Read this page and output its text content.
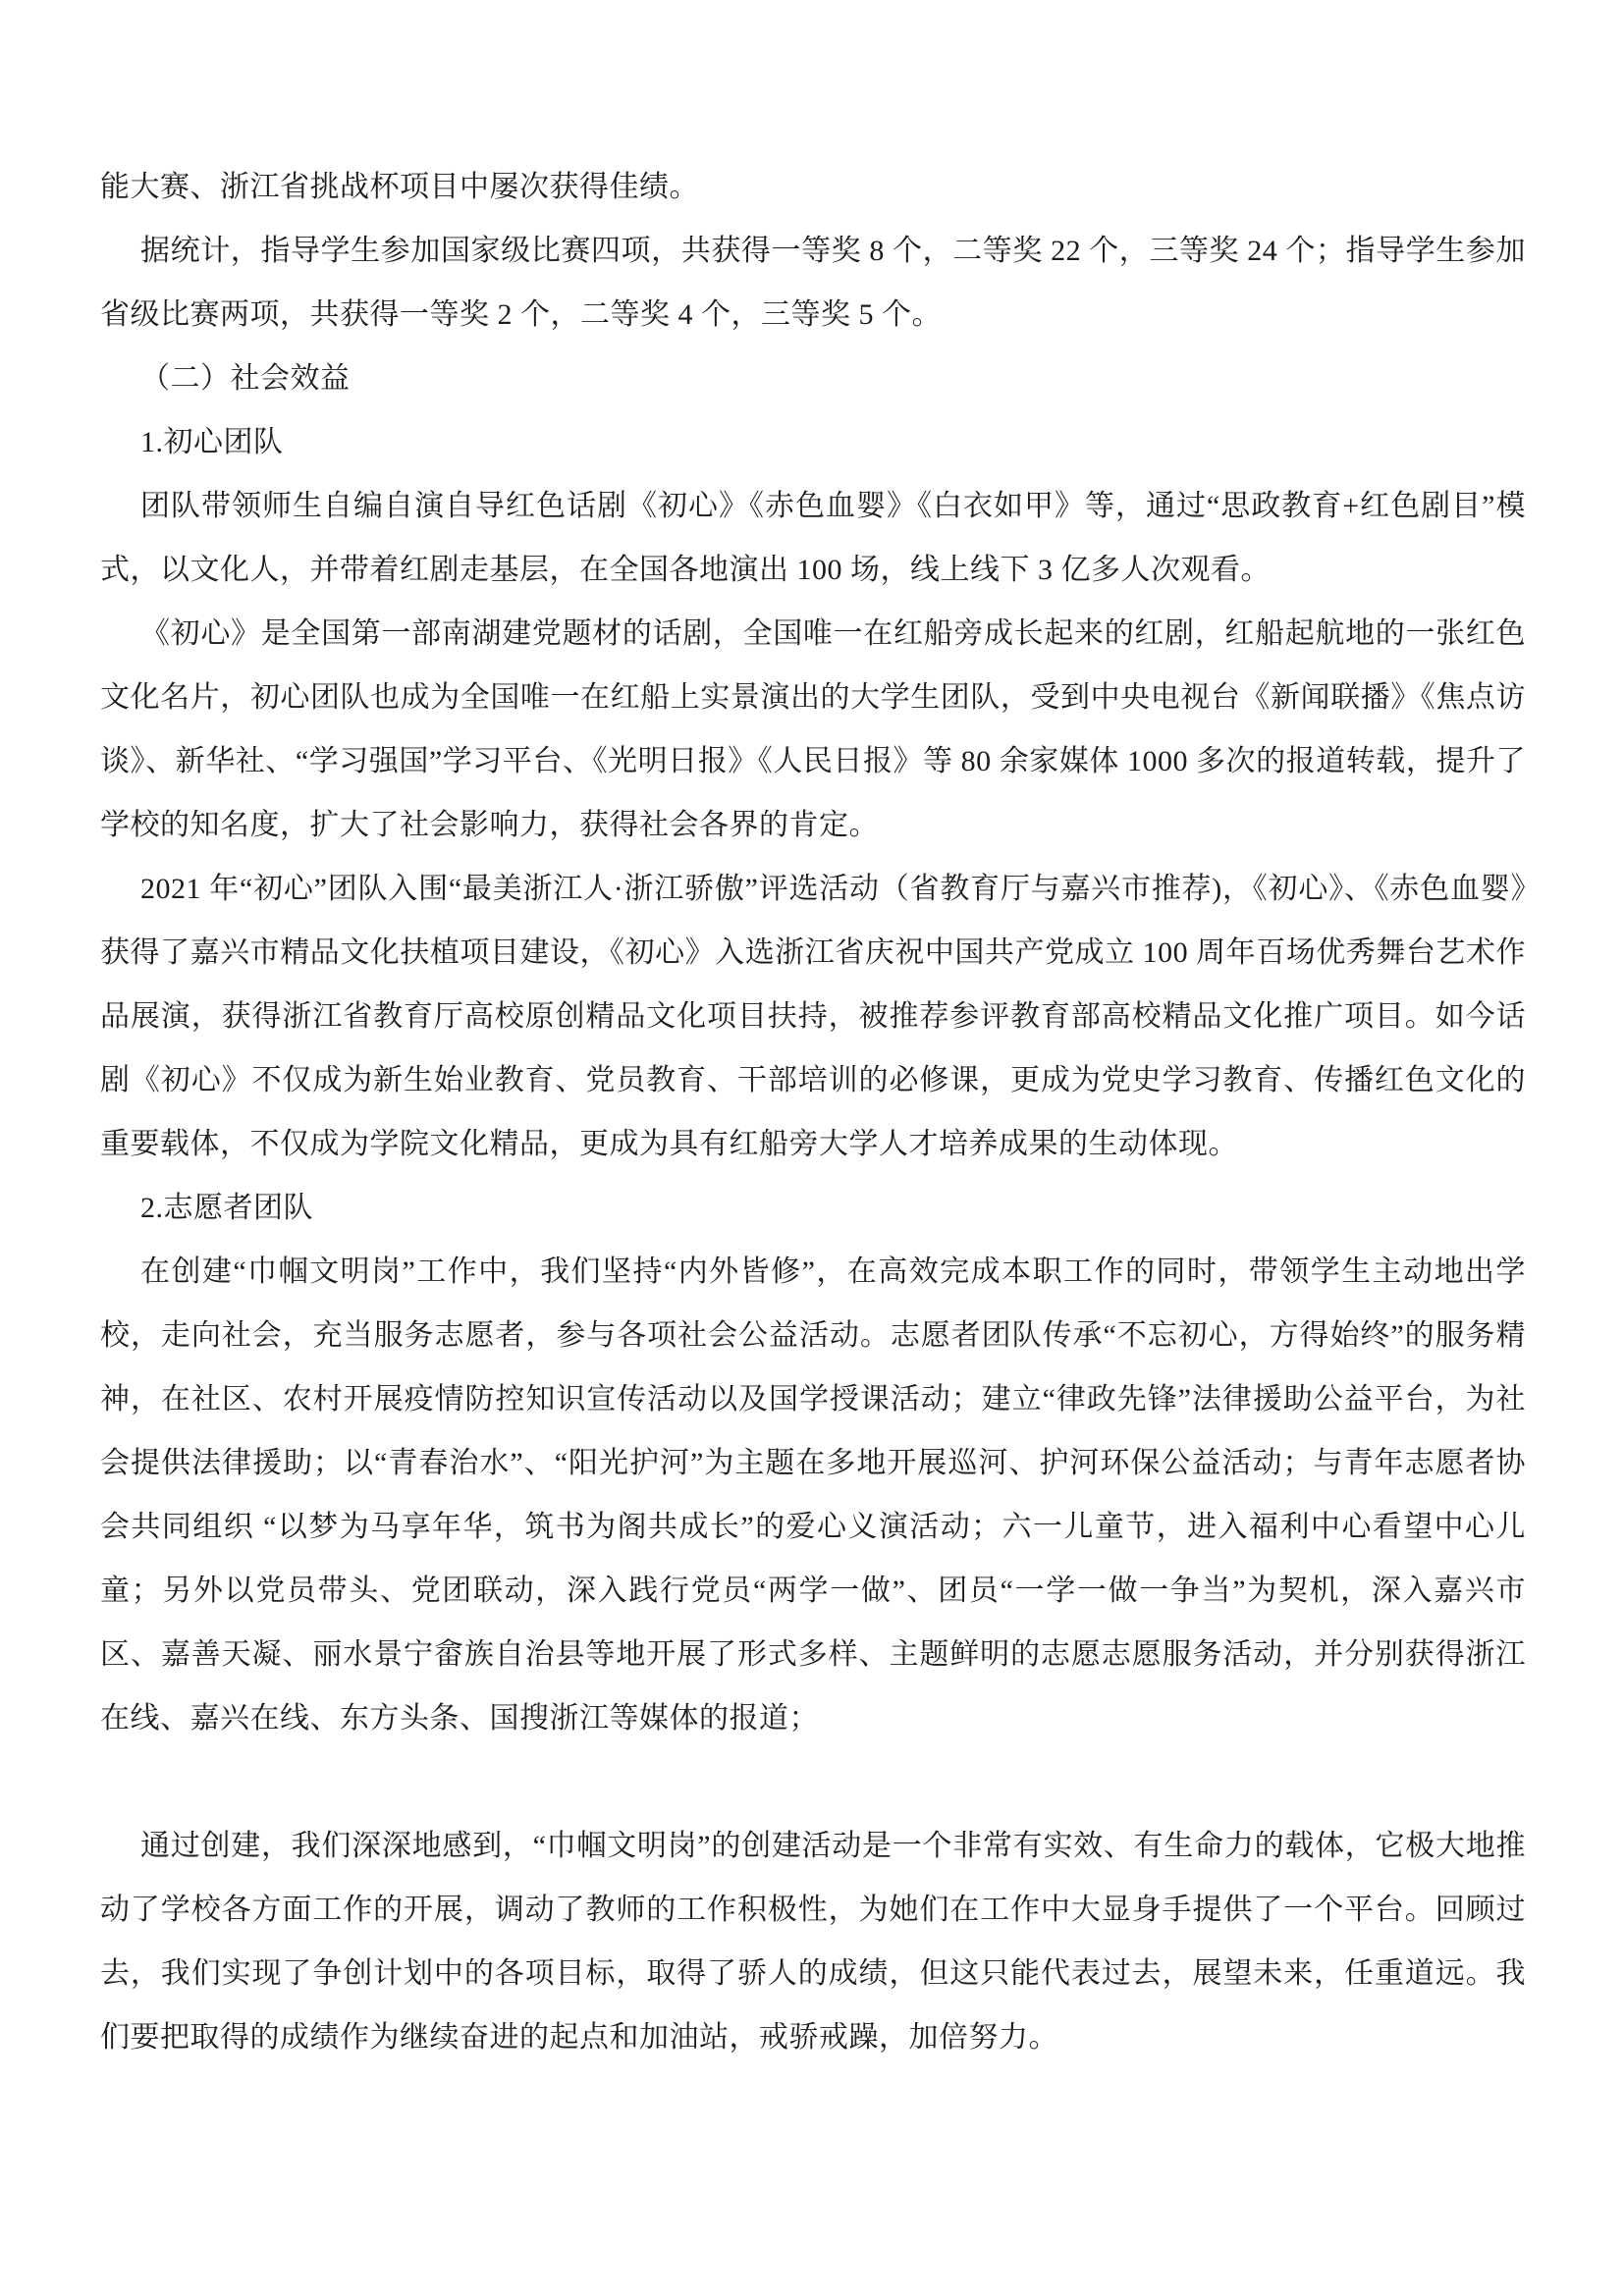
能大赛、浙江省挑战杯项目中屡次获得佳绩。

据统计，指导学生参加国家级比赛四项，共获得一等奖 8 个，二等奖 22 个，三等奖 24 个；指导学生参加省级比赛两项，共获得一等奖 2 个，二等奖 4 个，三等奖 5 个。

（二）社会效益

1.初心团队

团队带领师生自编自演自导红色话剧《初心》《赤色血婴》《白衣如甲》等，通过“思政教育+红色剧目”模式，以文化人，并带着红剧走基层，在全国各地演出 100 场，线上线下 3 亿多人次观看。

《初心》是全国第一部南湖建党题材的话剧，全国唯一在红船旁成长起来的红剧，红船起航地的一张红色文化名片，初心团队也成为全国唯一在红船上实景演出的大学生团队，受到中央电视台《新闻联播》《焦点访谈》、新华社、“学习强国”学习平台、《光明日报》《人民日报》等 80 余家媒体 1000 多次的报道转载，提升了学校的知名度，扩大了社会影响力，获得社会各界的肯定。

2021 年“初心”团队入围“最美浙江人·浙江骄傲”评选活动（省教育厅与嘉兴市推荐)，《初心》、《赤色血婴》获得了嘉兴市精品文化扶植项目建设，《初心》入选浙江省庆祝中国共产党成立 100 周年百场优秀舞台艺术作品展演，获得浙江省教育厅高校原创精品文化项目扶持，被推荐参评教育部高校精品文化推广项目。如今话剧《初心》不仅成为新生始业教育、党员教育、干部培训的必修课，更成为党史学习教育、传播红色文化的重要载体，不仅成为学院文化精品，更成为具有红船旁大学人才培养成果的生动体现。

2.志愿者团队

在创建“巾帼文明岗”工作中，我们坚持“内外皆修”，在高效完成本职工作的同时，带领学生主动地出学校，走向社会，充当服务志愿者，参与各项社会公益活动。志愿者团队传承“不忘初心，方得始终”的服务精神，在社区、农村开展疫情防控知识宣传活动以及国学授课活动；建立“律政先锋”法律援助公益平台，为社会提供法律援助；以“青春治水”、“阳光护河”为主题在多地开展巡河、护河环保公益活动；与青年志愿者协会共同组织 “以梦为马享年华，筑书为阁共成长”的爱心义演活动；六一儿童节，进入福利中心看望中心儿童；另外以党员带头、党团联动，深入践行党员“两学一做”、团员“一学一做一争当”为契机，深入嘉兴市区、嘉善天凝、丽水景宁畲族自治县等地开展了形式多样、主题鲜明的志愿志愿服务活动，并分别获得浙江在线、嘉兴在线、东方头条、国搜浙江等媒体的报道；

通过创建，我们深深地感到，“巾帼文明岗”的创建活动是一个非常有实效、有生命力的载体，它极大地推动了学校各方面工作的开展，调动了教师的工作积极性，为她们在工作中大显身手提供了一个平台。回顾过去，我们实现了争创计划中的各项目标，取得了骄人的成绩，但这只能代表过去，展望未来，任重道远。我们要把取得的成绩作为继续奋进的起点和加油站，戒骄戒躁，加倍努力。
